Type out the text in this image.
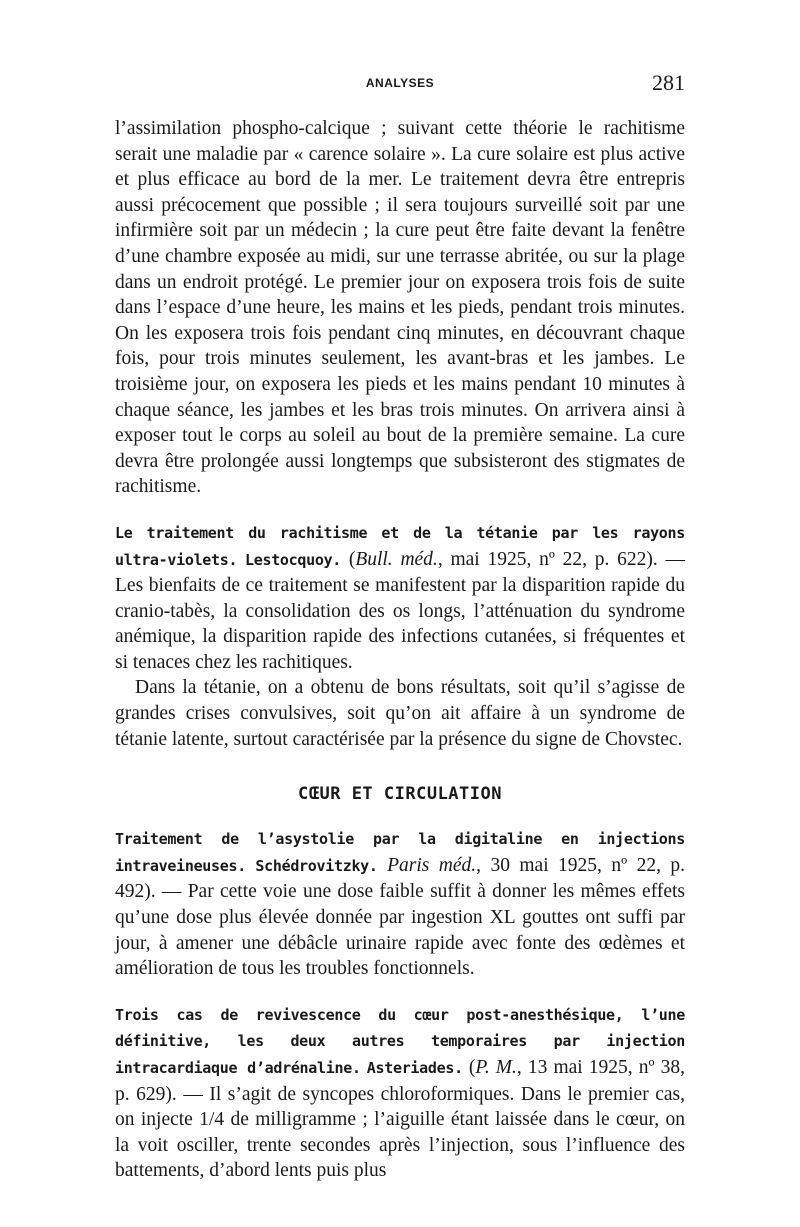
ANALYSES	281

l’assimilation phospho-calcique ; suivant cette théorie le rachitisme serait une maladie par « carence solaire ». La cure solaire est plus active et plus efficace au bord de la mer. Le traitement devra être entrepris aussi précocement que possible ; il sera toujours surveillé soit par une infirmière soit par un médecin ; la cure peut être faite devant la fenêtre d’une chambre exposée au midi, sur une terrasse abritée, ou sur la plage dans un endroit protégé. Le premier jour on exposera trois fois de suite dans l’espace d’une heure, les mains et les pieds, pendant trois minutes. On les exposera trois fois pendant cinq minutes, en découvrant chaque fois, pour trois minutes seulement, les avant-bras et les jambes. Le troisième jour, on exposera les pieds et les mains pendant 10 minutes à chaque séance, les jambes et les bras trois minutes. On arrivera ainsi à exposer tout le corps au soleil au bout de la première semaine. La cure devra être prolongée aussi longtemps que subsisteront des stigmates de rachitisme.

Le traitement du rachitisme et de la tétanie par les rayons ultra-violets. Lestocquoy. (Bull. méd., mai 1925, nº 22, p. 622). — Les bienfaits de ce traitement se manifestent par la disparition rapide du cranio-tabès, la consolidation des os longs, l’atténuation du syndrome anémique, la disparition rapide des infections cutanées, si fréquentes et si tenaces chez les rachitiques.

Dans la tétanie, on a obtenu de bons résultats, soit qu’il s’agisse de grandes crises convulsives, soit qu’on ait affaire à un syndrome de tétanie latente, surtout caractérisée par la présence du signe de Chovstec.

CŒUR ET CIRCULATION

Traitement de l’asystolie par la digitaline en injections intraveineuses. Schédrovitzky. Paris méd., 30 mai 1925, nº 22, p. 492). — Par cette voie une dose faible suffit à donner les mêmes effets qu’une dose plus élevée donnée par ingestion XL gouttes ont suffi par jour, à amener une débâcle urinaire rapide avec fonte des œdèmes et amélioration de tous les troubles fonctionnels.

Trois cas de revivescence du cœur post-anesthésique, l’une définitive, les deux autres temporaires par injection intracardiaque d’adrénaline. Asteriades. (P. M., 13 mai 1925, nº 38, p. 629). — Il s’agit de syncopes chloroformiques. Dans le premier cas, on injecte 1/4 de milligramme ; l’aiguille étant laissée dans le cœur, on la voit osciller, trente secondes après l’injection, sous l’influence des battements, d’abord lents puis plus
